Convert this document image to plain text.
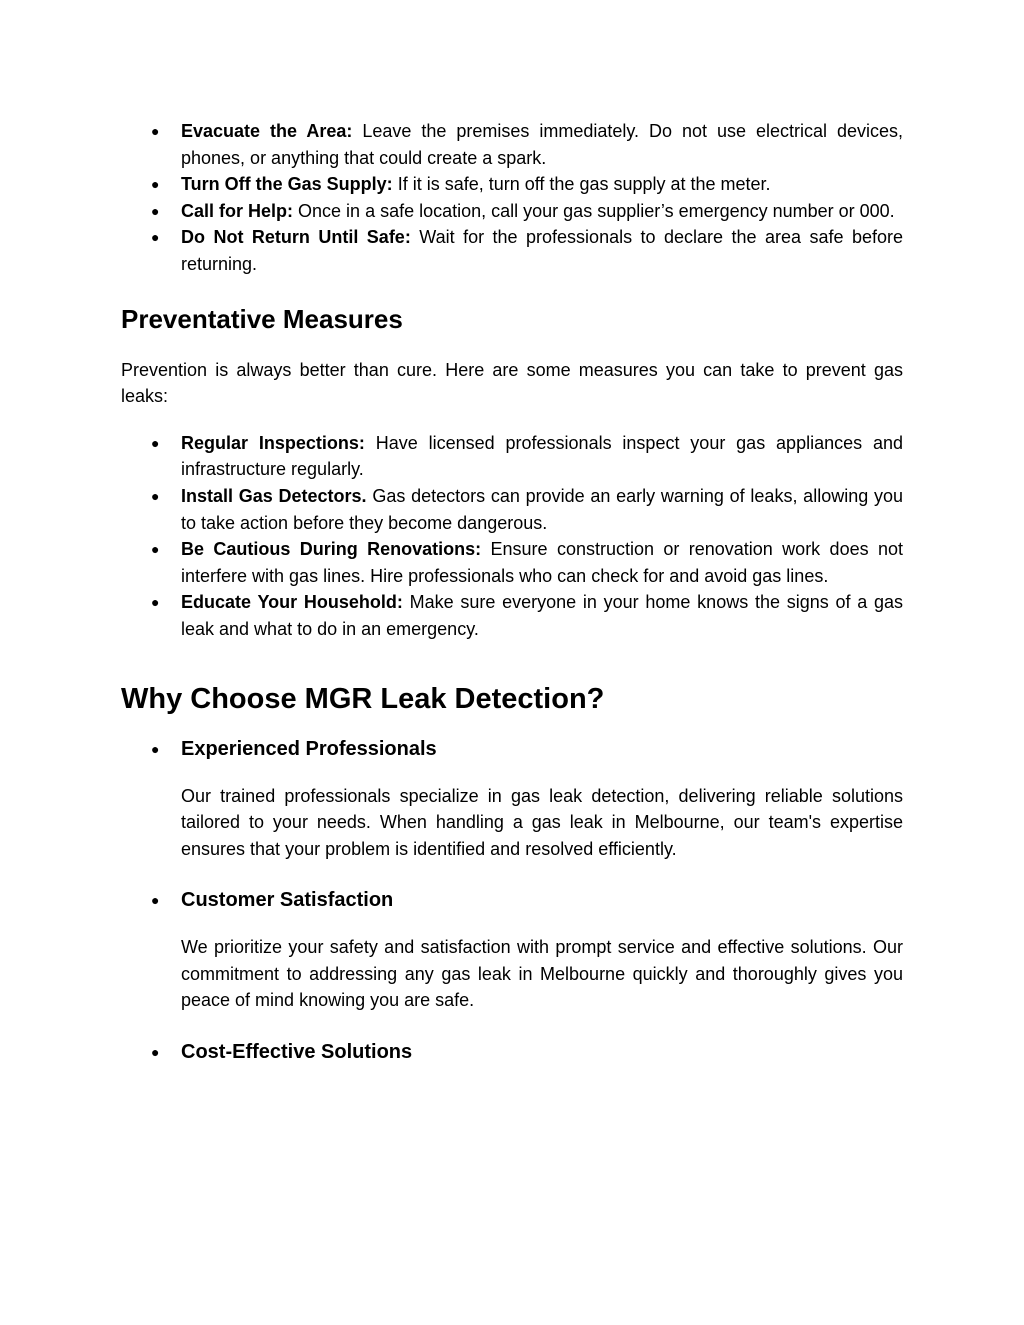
● Evacuate the Area: Leave the premises immediately. Do not use electrical devices, phones, or anything that could create a spark.
● Turn Off the Gas Supply: If it is safe, turn off the gas supply at the meter.
● Call for Help: Once in a safe location, call your gas supplier’s emergency number or 000.
● Do Not Return Until Safe: Wait for the professionals to declare the area safe before returning.
Preventative Measures

Prevention is always better than cure. Here are some measures you can take to prevent gas leaks:

● Regular Inspections: Have licensed professionals inspect your gas appliances and infrastructure regularly.
● Install Gas Detectors. Gas detectors can provide an early warning of leaks, allowing you to take action before they become dangerous.
● Be Cautious During Renovations: Ensure construction or renovation work does not interfere with gas lines. Hire professionals who can check for and avoid gas lines.
● Educate Your Household: Make sure everyone in your home knows the signs of a gas leak and what to do in an emergency.
Why Choose MGR Leak Detection?
● Experienced Professionals

Our trained professionals specialize in gas leak detection, delivering reliable solutions tailored to your needs. When handling a gas leak in Melbourne, our team's expertise ensures that your problem is identified and resolved efficiently.

● Customer Satisfaction

We prioritize your safety and satisfaction with prompt service and effective solutions. Our commitment to addressing any gas leak in Melbourne quickly and thoroughly gives you peace of mind knowing you are safe.

● Cost-Effective Solutions
